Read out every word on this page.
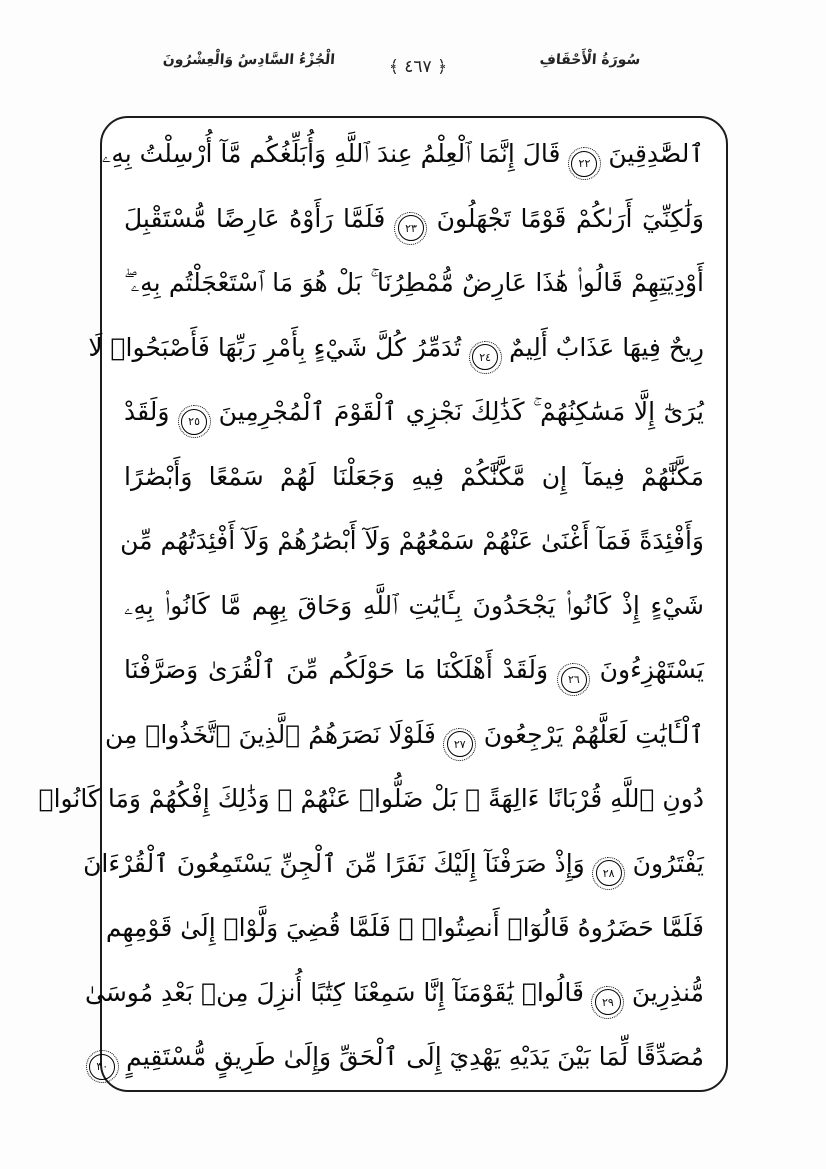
الْجُزْءُ السَّادِسُ وَالْعِشْرُونَ	﴿ ٤٦٧ ﴾	سُورَةُ الْأَحْقَافِ
ٱلصَّٰدِقِينَ ٢٢ قَالَ إِنَّمَا ٱلْعِلْمُ عِندَ ٱللَّهِ وَأُبَلِّغُكُم مَّآ أُرْسِلْتُ بِهِۦ
وَلَٰكِنِّيٓ أَرَىٰكُمْ قَوْمًا تَجْهَلُونَ ٢٣ فَلَمَّا رَأَوْهُ عَارِضًا مُّسْتَقْبِلَ
أَوْدِيَتِهِمْ قَالُوا۟ هَٰذَا عَارِضٌ مُّمْطِرُنَا ۚ بَلْ هُوَ مَا ٱسْتَعْجَلْتُم بِهِۦ ۖ
رِيحٌ فِيهَا عَذَابٌ أَلِيمٌ ٢٤ تُدَمِّرُ كُلَّ شَيْءٍ بِأَمْرِ رَبِّهَا فَأَصْبَحُوا۟ لَا
يُرَىٰٓ إِلَّا مَسَٰكِنُهُمْ ۚ كَذَٰلِكَ نَجْزِي ٱلْقَوْمَ ٱلْمُجْرِمِينَ ٢٥ وَلَقَدْ
مَكَّنَّٰهُمْ فِيمَآ إِن مَّكَّنَّٰكُمْ فِيهِ وَجَعَلْنَا لَهُمْ سَمْعًا وَأَبْصَٰرًا
وَأَفْئِدَةً فَمَآ أَغْنَىٰ عَنْهُمْ سَمْعُهُمْ وَلَآ أَبْصَٰرُهُمْ وَلَآ أَفْئِدَتُهُم مِّن
شَيْءٍ إِذْ كَانُوا۟ يَجْحَدُونَ بِـَٔايَٰتِ ٱللَّهِ وَحَاقَ بِهِم مَّا كَانُوا۟ بِهِۦ
يَسْتَهْزِءُونَ ٢٦ وَلَقَدْ أَهْلَكْنَا مَا حَوْلَكُم مِّنَ ٱلْقُرَىٰ وَصَرَّفْنَا
ٱلْـَٔايَٰتِ لَعَلَّهُمْ يَرْجِعُونَ ٢٧ فَلَوْلَا نَصَرَهُمُ ٱلَّذِينَ ٱتَّخَذُوا۟ مِن
دُونِ ٱللَّهِ قُرْبَانًا ءَالِهَةً ۖ بَلْ ضَلُّوا۟ عَنْهُمْ ۚ وَذَٰلِكَ إِفْكُهُمْ وَمَا كَانُوا۟
يَفْتَرُونَ ٢٨ وَإِذْ صَرَفْنَآ إِلَيْكَ نَفَرًا مِّنَ ٱلْجِنِّ يَسْتَمِعُونَ ٱلْقُرْءَانَ
فَلَمَّا حَضَرُوهُ قَالُوٓا۟ أَنصِتُوا۟ ۖ فَلَمَّا قُضِيَ وَلَّوْا۟ إِلَىٰ قَوْمِهِم
مُّنذِرِينَ ٢٩ قَالُوا۟ يَٰقَوْمَنَآ إِنَّا سَمِعْنَا كِتَٰبًا أُنزِلَ مِنۢ بَعْدِ مُوسَىٰ
مُصَدِّقًا لِّمَا بَيْنَ يَدَيْهِ يَهْدِيٓ إِلَى ٱلْحَقِّ وَإِلَىٰ طَرِيقٍ مُّسْتَقِيمٍ ٣٠
